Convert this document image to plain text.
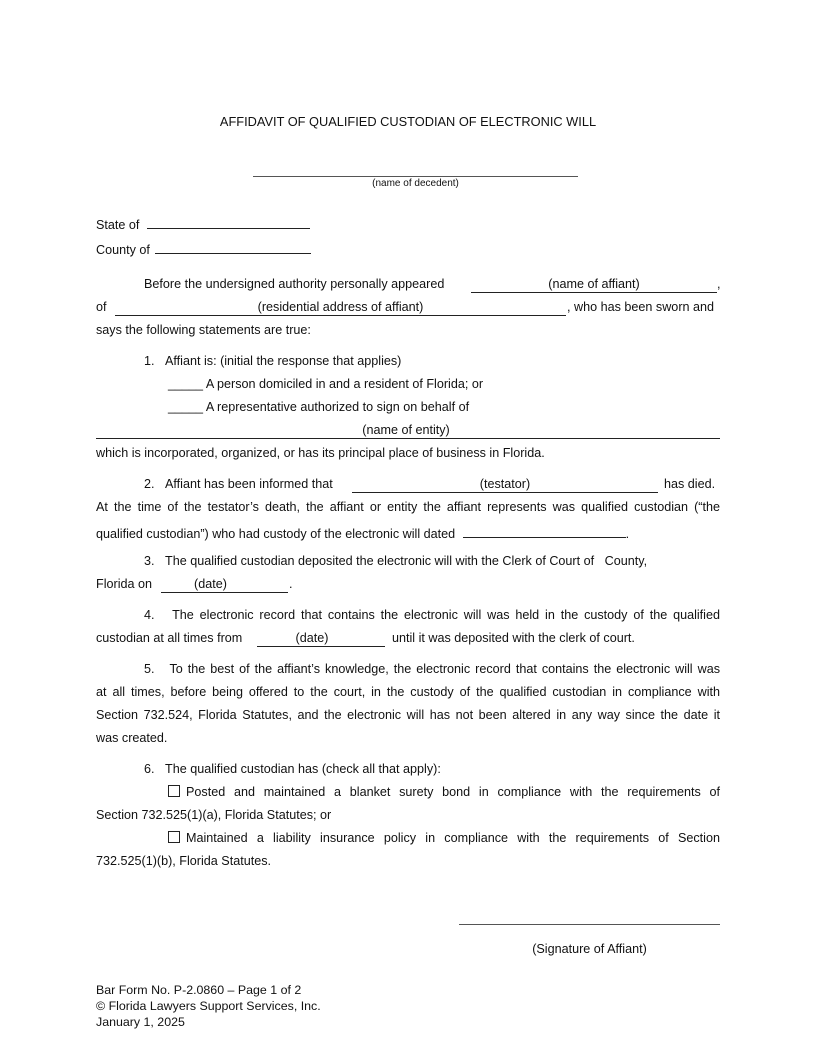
AFFIDAVIT OF QUALIFIED CUSTODIAN OF ELECTRONIC WILL
(name of decedent)
State of
County of
Before the undersigned authority personally appeared	(name of affiant)	,
of	(residential address of affiant)	, who has been sworn and
says the following statements are true:
1.   Affiant is: (initial the response that applies)
_____ A person domiciled in and a resident of Florida; or
_____ A representative authorized to sign on behalf of
(name of entity)
which is incorporated, organized, or has its principal place of business in Florida.
2.   Affiant has been informed that	(testator)	has died.
At the time of the testator’s death, the affiant or entity the affiant represents was qualified custodian (“the
qualified custodian”) who had custody of the electronic will dated	.
3.   The qualified custodian deposited the electronic will with the Clerk of Court of   County,
Florida on	(date)	.
4.   The electronic record that contains the electronic will was held in the custody of the qualified
custodian at all times from	(date)	until it was deposited with the clerk of court.
5.   To the best of the affiant’s knowledge, the electronic record that contains the electronic will was
at all times, before being offered to the court, in the custody of the qualified custodian in compliance with
Section 732.524, Florida Statutes, and the electronic will has not been altered in any way since the date it
was created.
6.   The qualified custodian has (check all that apply):
Posted and maintained a blanket surety bond in compliance with the requirements of
Section 732.525(1)(a), Florida Statutes; or
Maintained a liability insurance policy in compliance with the requirements of Section
732.525(1)(b), Florida Statutes.
(Signature of Affiant)
Bar Form No. P-2.0860 – Page 1 of 2
© Florida Lawyers Support Services, Inc.
January 1, 2025
